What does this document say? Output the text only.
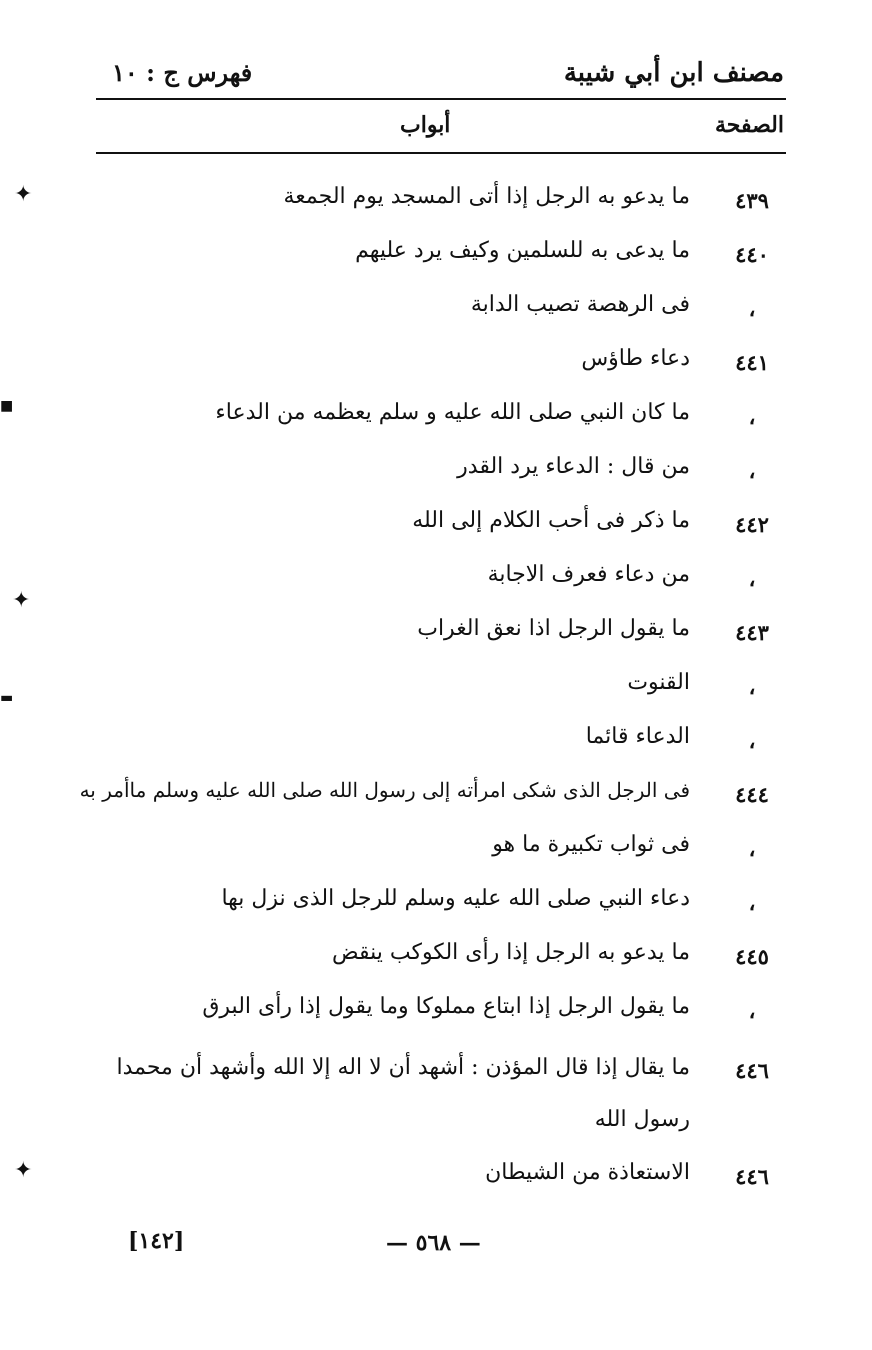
مصنف ابن أبي شيبة
فهرس ج : ١٠
الصفحة
أبواب
٤٣٩
ما يدعو به الرجل إذا أتى المسجد يوم الجمعة
٤٤٠
ما يدعى به للسلمين وكيف يرد عليهم
،
فى الرهصة تصيب الدابة
٤٤١
دعاء طاؤس
،
ما كان النبي صلى الله عليه و سلم يعظمه من الدعاء
،
من قال : الدعاء يرد القدر
٤٤٢
ما ذكر فى أحب الكلام إلى الله
،
من دعاء فعرف الاجابة
٤٤٣
ما يقول الرجل اذا نعق الغراب
،
القنوت
،
الدعاء قائما
٤٤٤
فى الرجل الذى شكى امرأته إلى رسول الله صلى الله عليه وسلم ماأمر به
،
فى ثواب تكبيرة ما هو
،
دعاء النبي صلى الله عليه وسلم للرجل الذى نزل بها
٤٤٥
ما يدعو به الرجل إذا رأى الكوكب ينقض
،
ما يقول الرجل إذا ابتاع مملوكا وما يقول إذا رأى البرق
٤٤٦
ما يقال إذا قال المؤذن : أشهد أن لا اله إلا الله وأشهد أن محمدا رسول الله
٤٤٦
الاستعاذة من الشيطان
[١٤٢]	— ٥٦٨ —
✦
■
✦
▬
✦
